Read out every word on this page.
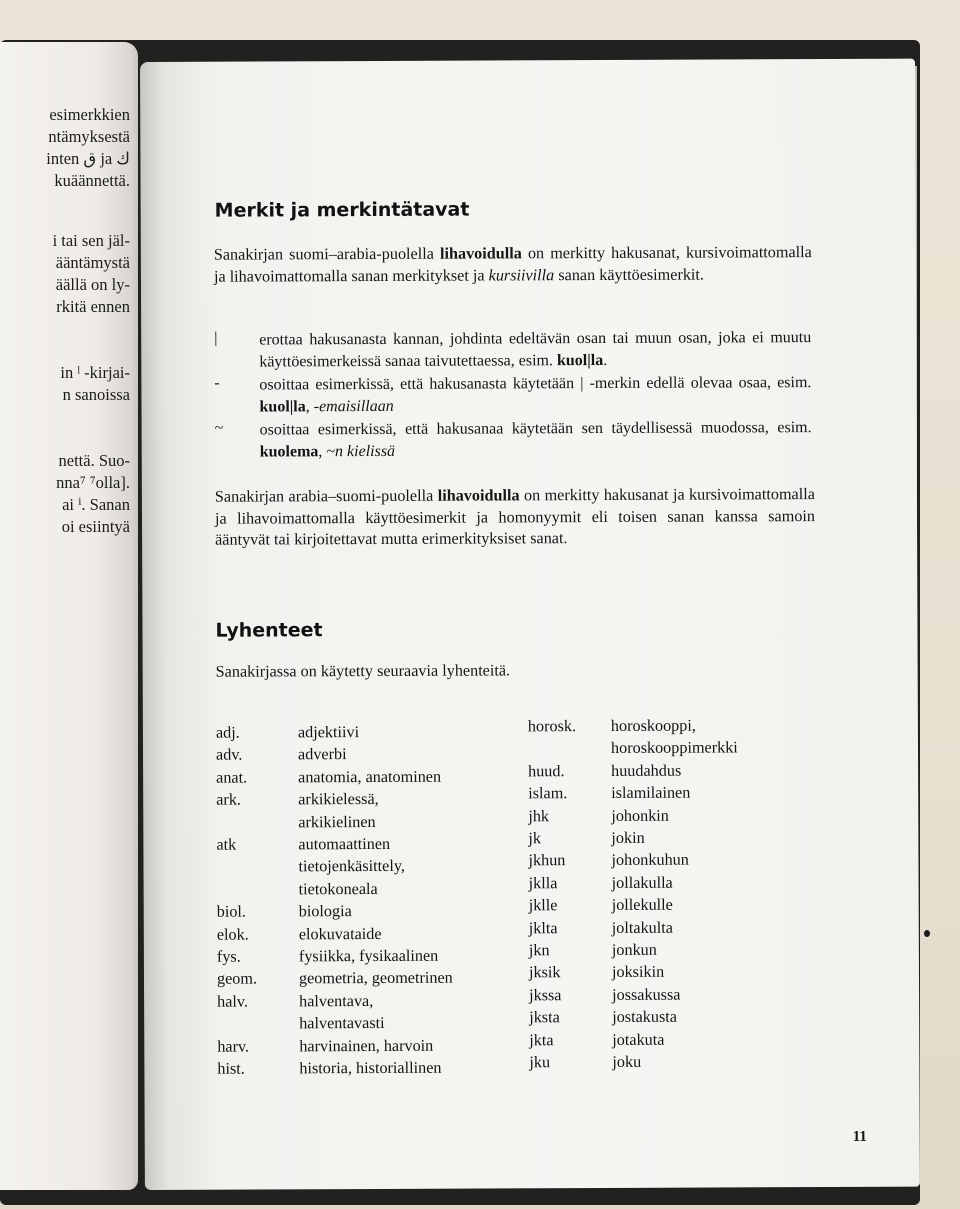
esimerkkien
ntämyksestä
inten ق ja ك
kuäännettä.
i tai sen jäl-
ääntämystä
äällä on ly-
rkitä ennen
in ˡ -kirjai-
n sanoissa
nettä. Suo-
nna⁷ ⁷olla].
ai ⁱ. Sanan
oi esiintyä
Merkit ja merkintätavat
Sanakirjan suomi–arabia-puolella lihavoidulla on merkitty hakusanat, kursivoimattomalla ja lihavoimattomalla sanan merkitykset ja kursiivilla sanan käyttöesimerkit.
|	erottaa hakusanasta kannan, johdinta edeltävän osan tai muun osan, joka ei muutu käyttöesimerkeissä sanaa taivutettaessa, esim. kuol|la.
-	osoittaa esimerkissä, että hakusanasta käytetään | -merkin edellä olevaa osaa, esim. kuol|la, -emaisillaan
~	osoittaa esimerkissä, että hakusanaa käytetään sen täydellisessä muodossa, esim. kuolema, ~n kielissä
Sanakirjan arabia–suomi-puolella lihavoidulla on merkitty hakusanat ja kursivoimattomalla ja lihavoimattomalla käyttöesimerkit ja homonyymit eli toisen sanan kanssa samoin ääntyvät tai kirjoitettavat mutta erimerkityksiset sanat.
Lyhenteet
Sanakirjassa on käytetty seuraavia lyhenteitä.
adj.	adjektiivi
adv.	adverbi
anat.	anatomia, anatominen
ark.	arkikielessä,
arkikielinen
atk	automaattinen
tietojenkäsittely,
tietokoneala
biol.	biologia
elok.	elokuvataide
fys.	fysiikka, fysikaalinen
geom.	geometria, geometrinen
halv.	halventava,
halventavasti
harv.	harvinainen, harvoin
hist.	historia, historiallinen
horosk. horoskooppi,
horoskooppimerkki
huud.	huudahdus
islam.	islamilainen
jhk	johonkin
jk	jokin
jkhun	johonkuhun
jklla	jollakulla
jklle	jollekulle
jklta	joltakulta
jkn	jonkun
jksik	joksikin
jkssa	jossakussa
jksta	jostakusta
jkta	jotakuta
jku	joku
11
